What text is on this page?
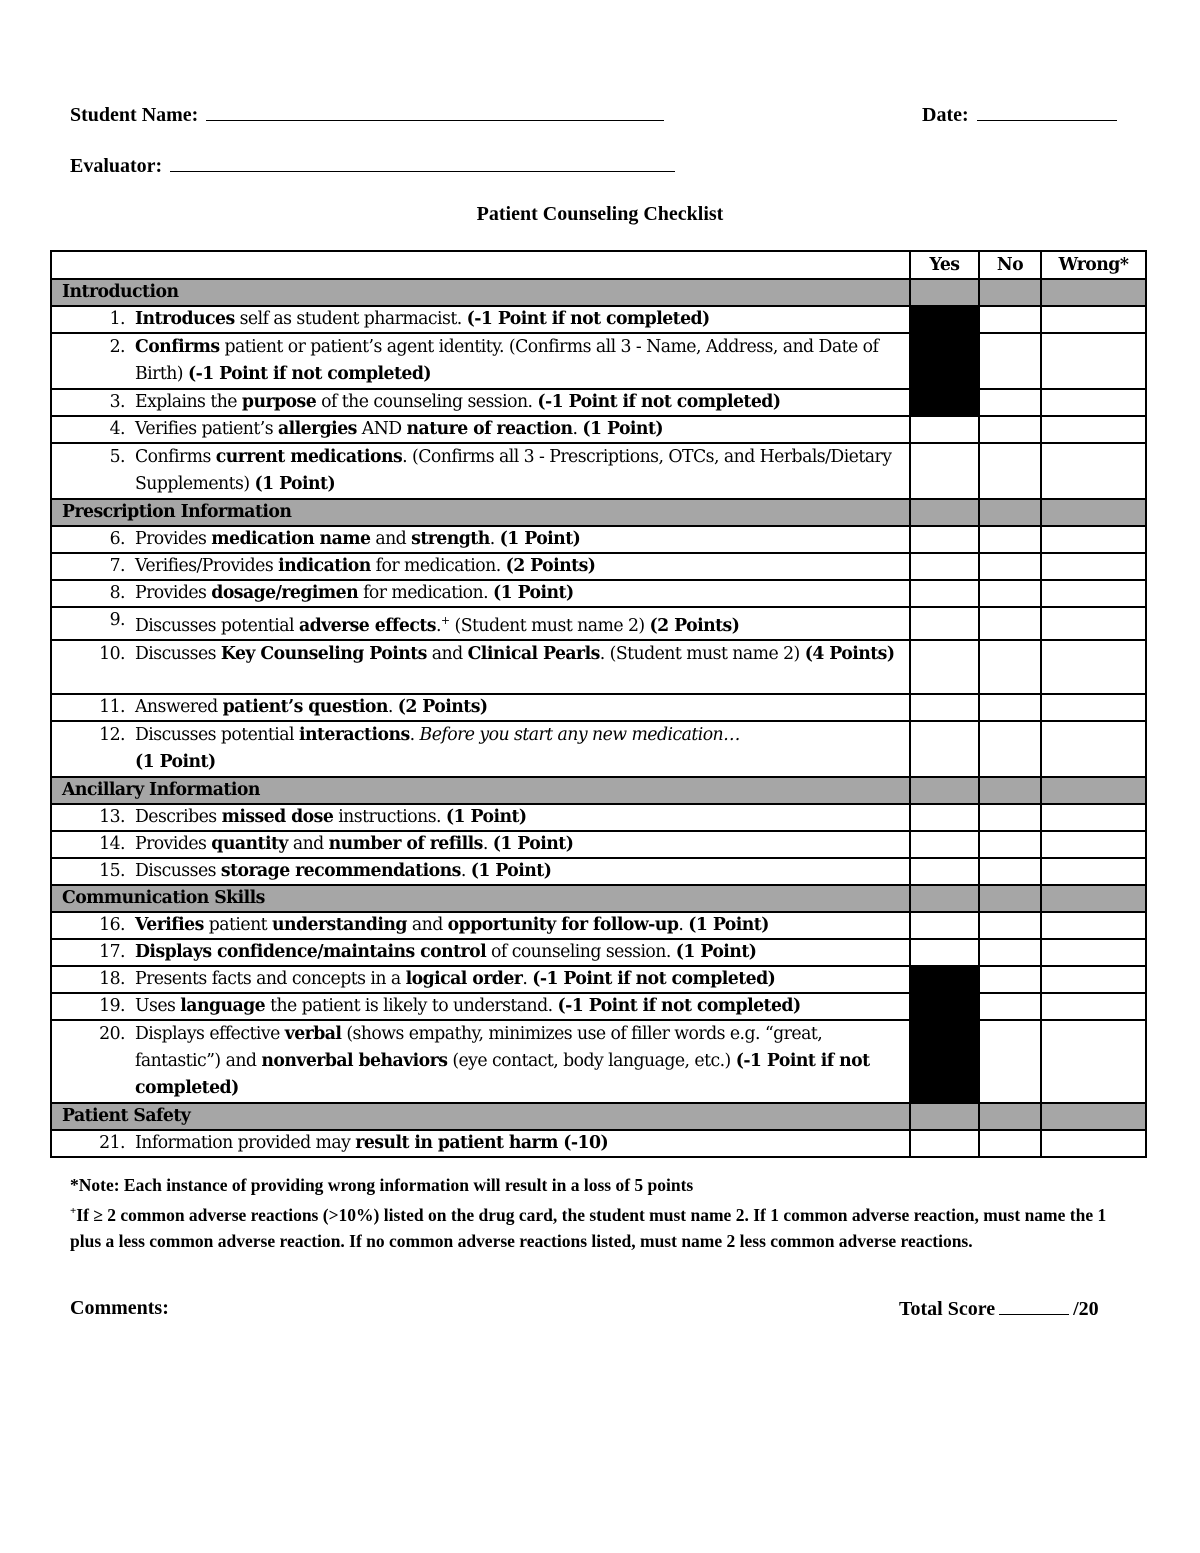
Student Name:	Date:
Evaluator:
Patient Counseling Checklist
		Yes	No	Wrong*
Introduction				
1.	Introduces self as student pharmacist. (-1 Point if not completed)			
2.	Confirms patient or patient’s agent identity. (Confirms all 3 - Name, Address, and Date of Birth) (-1 Point if not completed)			
3.	Explains the purpose of the counseling session. (-1 Point if not completed)			
4.	Verifies patient’s allergies AND nature of reaction. (1 Point)			
5.	Confirms current medications. (Confirms all 3 - Prescriptions, OTCs, and Herbals/Dietary Supplements) (1 Point)			
Prescription Information				
6.	Provides medication name and strength. (1 Point)			
7.	Verifies/Provides indication for medication. (2 Points)			
8.	Provides dosage/regimen for medication. (1 Point)			
9.	Discusses potential adverse effects.+ (Student must name 2) (2 Points)			
10.	Discusses Key Counseling Points and Clinical Pearls. (Student must name 2) (4 Points)			
11.	Answered patient’s question. (2 Points)			
12.	Discusses potential interactions. Before you start any new medication…
(1 Point)			
Ancillary Information				
13.	Describes missed dose instructions. (1 Point)			
14.	Provides quantity and number of refills. (1 Point)			
15.	Discusses storage recommendations. (1 Point)			
Communication Skills				
16.	Verifies patient understanding and opportunity for follow-up. (1 Point)			
17.	Displays confidence/maintains control of counseling session. (1 Point)			
18.	Presents facts and concepts in a logical order. (-1 Point if not completed)			
19.	Uses language the patient is likely to understand. (-1 Point if not completed)			
20.	Displays effective verbal (shows empathy, minimizes use of filler words e.g. “great, fantastic”) and nonverbal behaviors (eye contact, body language, etc.) (-1 Point if not completed)			
Patient Safety				
21.	Information provided may result in patient harm (-10)			

*Note: Each instance of providing wrong information will result in a loss of 5 points

+If ≥ 2 common adverse reactions (>10%) listed on the drug card, the student must name 2. If 1 common adverse reaction, must name the 1 plus a less common adverse reaction. If no common adverse reactions listed, must name 2 less common adverse reactions.

Comments:	Total Score	/20
